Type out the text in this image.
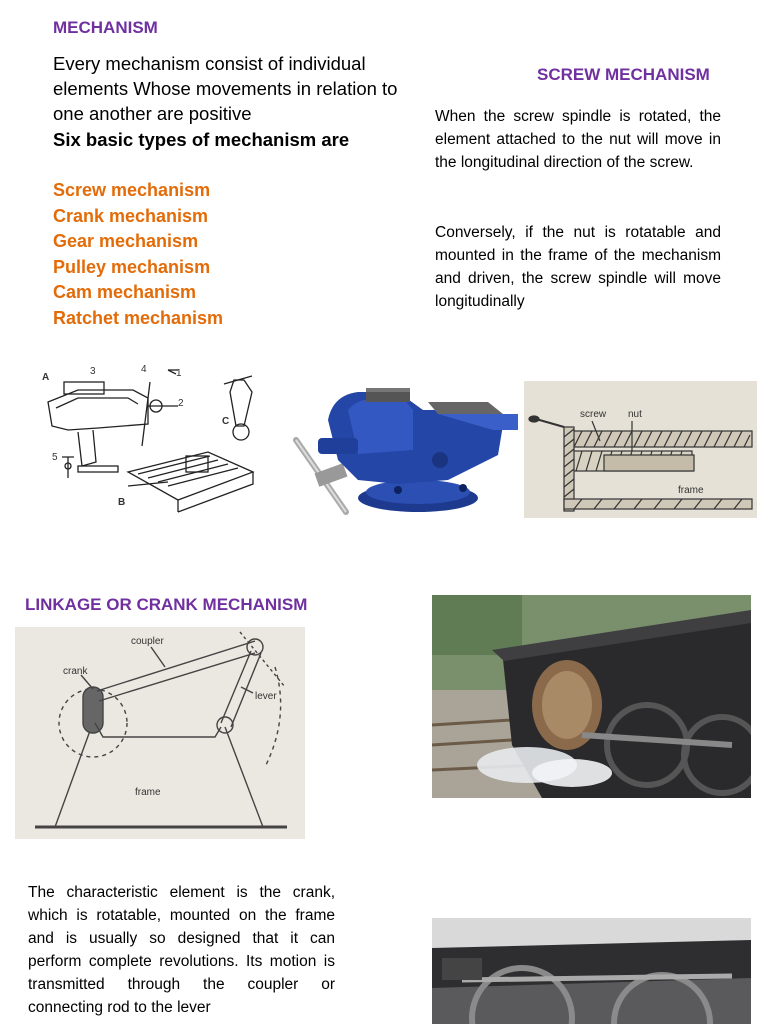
MECHANISM
Every mechanism consist of individual elements Whose movements in relation to one another are positive
Six basic types of mechanism are
Screw mechanism
Crank mechanism
Gear mechanism
Pulley mechanism
Cam mechanism
Ratchet mechanism
SCREW MECHANISM
When the screw spindle is rotated, the element attached to the nut will move in the longitudinal direction of the screw.
Conversely, if the nut is rotatable and mounted in the frame of the mechanism and driven, the screw spindle will move longitudinally
A
3	4	1
2
5
B
C
screw nut
frame
LINKAGE OR CRANK MECHANISM
coupler
crank
lever
frame
The characteristic element is the crank, which is rotatable, mounted on the frame and is usually so designed that it can perform complete revolutions. Its motion is transmitted through the coupler or connecting rod to the lever
